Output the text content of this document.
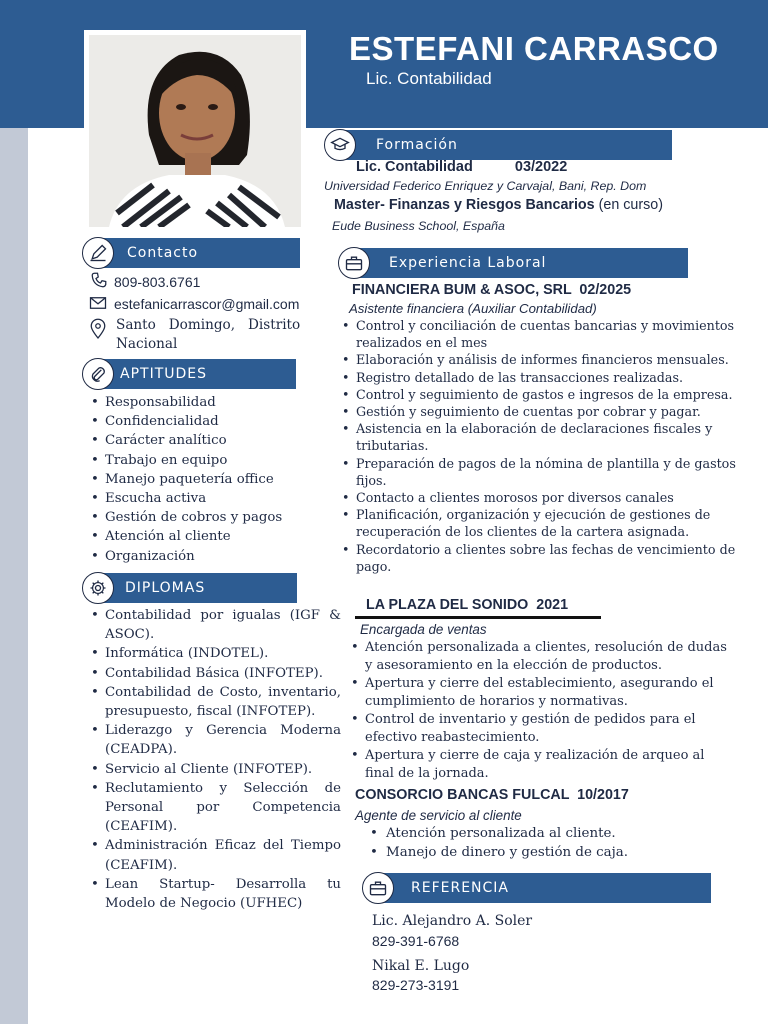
ESTEFANI CARRASCO
Lic. Contabilidad
Formación
Lic. Contabilidad	03/2022
Universidad Federico Enriquez y Carvajal, Bani, Rep. Dom
Master- Finanzas y Riesgos Bancarios (en curso)
Eude Business School, España
Contacto
809-803.6761
estefanicarrascor@gmail.com
Santo   Domingo,   Distrito
Nacional
APTITUDES
• Responsabilidad
• Confidencialidad
• Carácter analítico
• Trabajo en equipo
• Manejo paquetería office
• Escucha activa
• Gestión de cobros y pagos
• Atención al cliente
• Organización
DIPLOMAS
• Contabilidad por igualas (IGF & ASOC).
• Informática (INDOTEL).
• Contabilidad Básica (INFOTEP).
• Contabilidad de Costo, inventario, presupuesto, fiscal (INFOTEP).
• Liderazgo y Gerencia Moderna (CEADPA).
• Servicio al Cliente (INFOTEP).
• Reclutamiento y Selección de Personal por Competencia (CEAFIM).
• Administración Eficaz del Tiempo (CEAFIM).
• Lean Startup- Desarrolla tu Modelo de Negocio (UFHEC)
Experiencia Laboral
FINANCIERA BUM & ASOC, SRL  02/2025
Asistente financiera (Auxiliar Contabilidad)
• Control y conciliación de cuentas bancarias y movimientos realizados en el mes
• Elaboración y análisis de informes financieros mensuales.
• Registro detallado de las transacciones realizadas.
• Control y seguimiento de gastos e ingresos de la empresa.
• Gestión y seguimiento de cuentas por cobrar y pagar.
• Asistencia en la elaboración de declaraciones fiscales y tributarias.
• Preparación de pagos de la nómina de plantilla y de gastos fijos.
• Contacto a clientes morosos por diversos canales
• Planificación, organización y ejecución de gestiones de recuperación de los clientes de la cartera asignada.
• Recordatorio a clientes sobre las fechas de vencimiento de pago.
LA PLAZA DEL SONIDO  2021
Encargada de ventas
• Atención personalizada a clientes, resolución de dudas y asesoramiento en la elección de productos.
• Apertura y cierre del establecimiento, asegurando el cumplimiento de horarios y normativas.
• Control de inventario y gestión de pedidos para el efectivo reabastecimiento.
• Apertura y cierre de caja y realización de arqueo al final de la jornada.
CONSORCIO BANCAS FULCAL  10/2017
Agente de servicio al cliente
• Atención personalizada al cliente.
• Manejo de dinero y gestión de caja.
REFERENCIA
Lic. Alejandro A. Soler
829-391-6768
Nikal E. Lugo
829-273-3191
